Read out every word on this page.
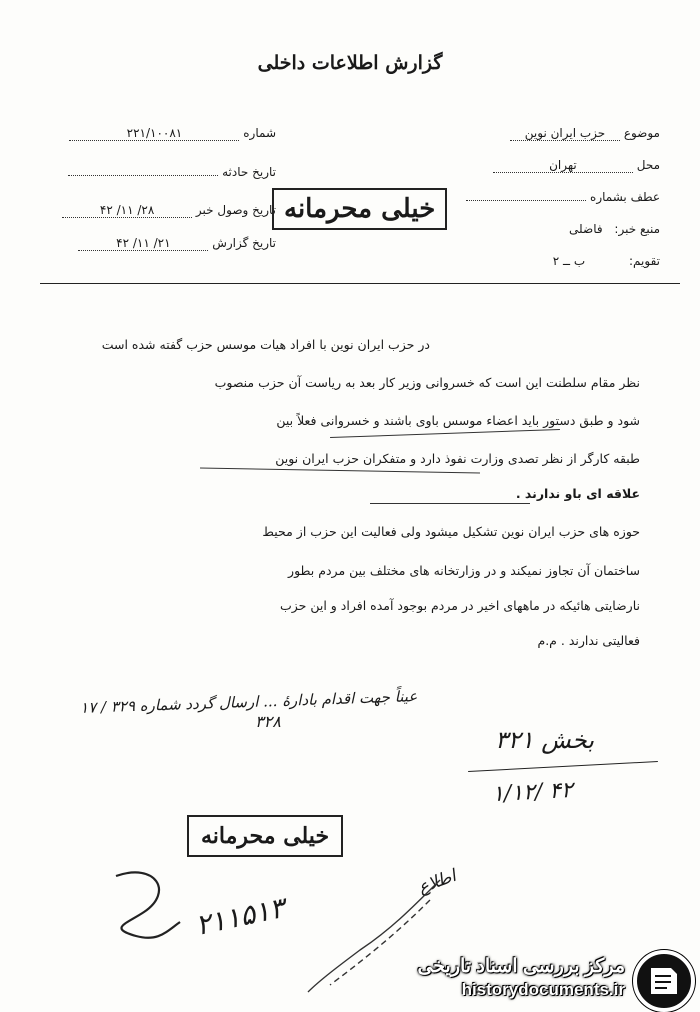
گزارش اطلاعات داخلی
موضوع حزب ایران نوین
محل تهران
عطف بشماره
منبع خبر: فاضلی
تقویم: ب ــ ۲
شماره ۲۲۱/۱۰۰۸۱
تاریخ حادثه
تاریخ وصول خبر ۲۸/ ۱۱/ ۴۲
تاریخ گزارش ۲۱/ ۱۱/ ۴۲
خیلی محرمانه
در حزب ایران نوین با افراد هیات موسس حزب گفته شده است
نظر مقام سلطنت این است که خسروانی وزیر کار بعد به ریاست آن حزب منصوب
شود و طبق دستور باید اعضاء موسس باوی باشند و خسروانی فعلاً بین
طبقه کارگر از نظر تصدی وزارت نفوذ دارد و متفکران حزب ایران نوین
علاقه ای باو ندارند .
حوزه های حزب ایران نوین تشکیل میشود ولی فعالیت این حزب از محیط
ساختمان آن تجاوز نمیکند و در وزارتخانه های مختلف بین مردم بطور
نارضایتی هائیکه در ماههای اخیر در مردم بوجود آمده افراد و این حزب
فعالیتی ندارند . م.م
عیناً جهت اقدام بادارۀ ... ارسال گردد شماره ۳۲۹ / ۱۷
۳۲۸
بخش ۳۲۱
۱/۱۲/ ۴۲
خیلی محرمانه
۲۱۱۵۱۳
اطلاع
مرکز بررسی اسناد تاریخی
historydocuments.ir
